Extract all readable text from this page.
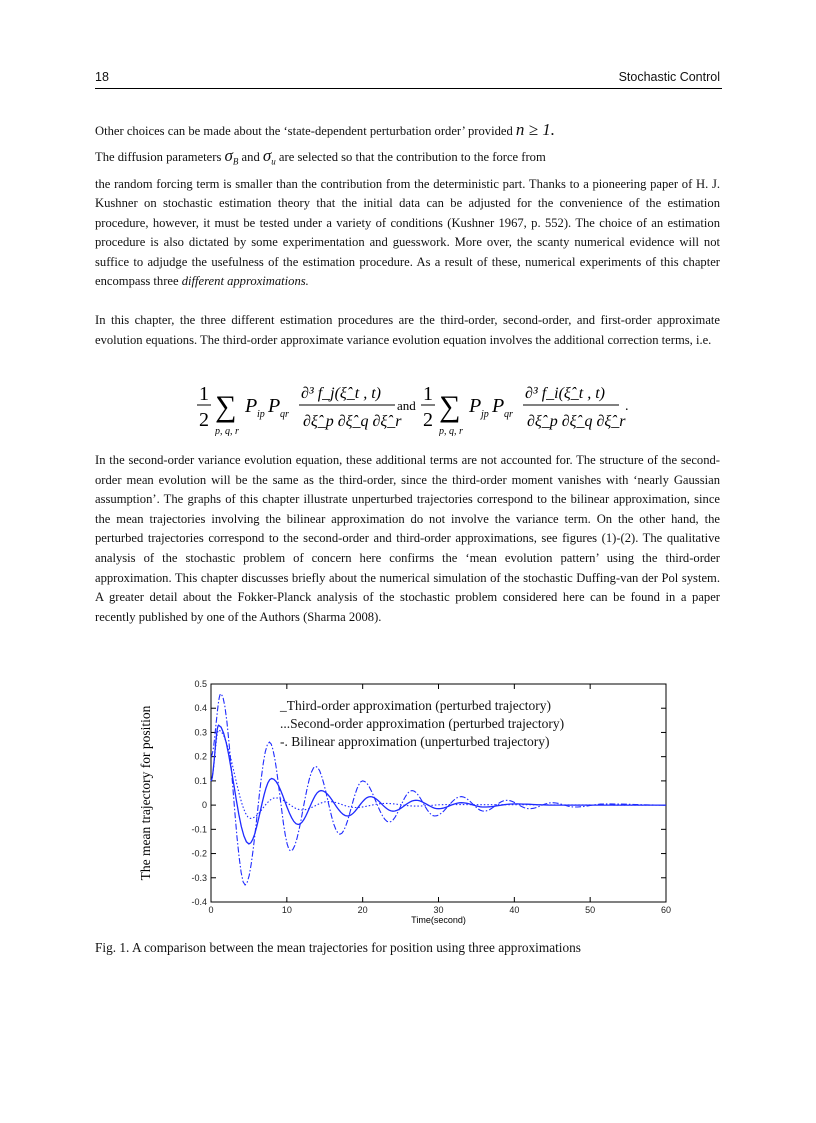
18	Stochastic Control
Other choices can be made about the ‘state-dependent perturbation order’ provided n ≥ 1.
The diffusion parameters $\sigma_B$ and $\sigma_u$ are selected so that the contribution to the force from
the random forcing term is smaller than the contribution from the deterministic part. Thanks to a pioneering paper of H. J. Kushner on stochastic estimation theory that the initial data can be adjusted for the convenience of the estimation procedure, however, it must be tested under a variety of conditions (Kushner 1967, p. 552). The choice of an estimation procedure is also dictated by some experimentation and guesswork. More over, the scanty numerical evidence will not suffice to adjudge the usefulness of the estimation procedure. As a result of these, numerical experiments of this chapter encompass three different approximations.
In this chapter, the three different estimation procedures are the third-order, second-order, and first-order approximate evolution equations. The third-order approximate variance evolution equation involves the additional correction terms, i.e.
1
2 ∑
p, q, r
P ip P qr
∂³ f_j(ξ̂_t , t)
∂ξ̂_p ∂ξ̂_q ∂ξ̂_r
and
1
2 ∑
p, q, r
P jp P qr
∂³ f_i(ξ̂_t , t)
∂ξ̂_p ∂ξ̂_q ∂ξ̂_r
.
In the second-order variance evolution equation, these additional terms are not accounted for. The structure of the second-order mean evolution will be the same as the third-order, since the third-order moment vanishes with ‘nearly Gaussian assumption’. The graphs of this chapter illustrate unperturbed trajectories correspond to the bilinear approximation, since the mean trajectories involving the bilinear approximation do not involve the variance term. On the other hand, the perturbed trajectories correspond to the second-order and third-order approximations, see figures (1)-(2). The qualitative analysis of the stochastic problem of concern here confirms the ‘mean evolution pattern’ using the third-order approximation. This chapter discusses briefly about the numerical simulation of the stochastic Duffing-van der Pol system. A greater detail about the Fokker-Planck analysis of the stochastic problem considered here can be found in a paper recently published by one of the Authors (Sharma 2008).
0	10	20	30	40	50	60
-0.4
-0.3
-0.2
-0.1
0
0.1
0.2
0.3
0.4
0.5
Time(second)
The mean trajectory for position
_Third-order approximation (perturbed trajectory)
...Second-order approximation (perturbed trajectory)
-. Bilinear approximation (unperturbed trajectory)
Fig. 1. A comparison between the mean trajectories for position using three approximations
